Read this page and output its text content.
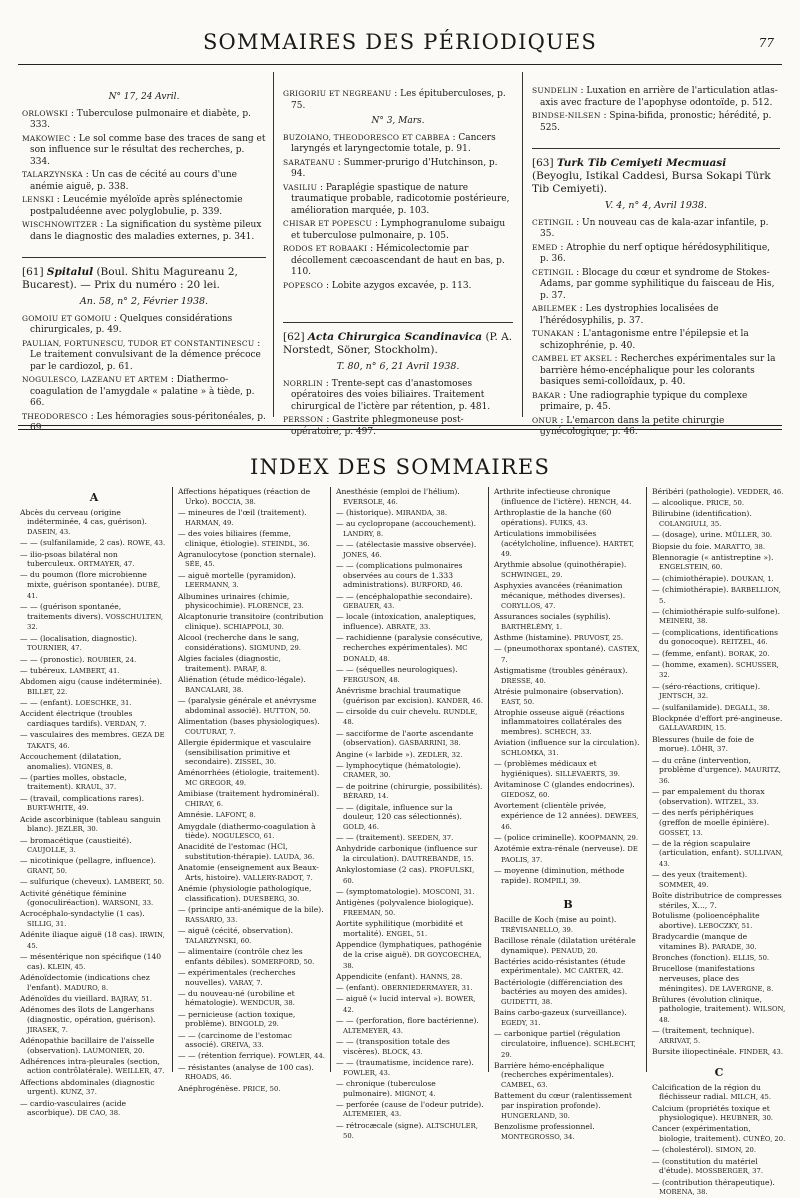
SOMMAIRES DES PÉRIODIQUES	77

N° 17, 24 Avril.

ORLOWSKI : Tuberculose pulmonaire et diabète, p. 333.

MAKOWIEC : Le sol comme base des traces de sang et son influence sur le résultat des recherches, p. 334.

TALARZYNSKA : Un cas de cécité au cours d'une anémie aiguë, p. 338.

LENSKI : Leucémie myéloïde après splénectomie postpaludéenne avec polyglobulie, p. 339.

WISCHNOWITZER : La signification du système pileux dans le diagnostic des maladies externes, p. 341.

[61] Spitalul (Boul. Shitu Magureanu 2, Bucarest). — Prix du numéro : 20 lei.

An. 58, n° 2, Février 1938.

GOMOIU ET GOMOIU : Quelques considérations chirurgicales, p. 49.

PAULIAN, FORTUNESCU, TUDOR ET CONSTANTINESCU : Le traitement convulsivant de la démence précoce par le cardiozol, p. 61.

NOGULESCO, LAZEANU ET ARTEM : Diathermo-coagulation de l'amygdale « palatine » à tiède, p. 66.

THEODORESCO : Les hémoragies sous-péritonéales, p. 69.

GRIGORIU ET NEGREANU : Les épituberculoses, p. 75.

N° 3, Mars.

BUZOIANO, THEODORESCO ET CABBEA : Cancers laryngés et laryngectomie totale, p. 91.

SARATEANU : Summer-prurigo d'Hutchinson, p. 94.

VASILIU : Paraplégie spastique de nature traumatique probable, radicotomie postérieure, amélioration marquée, p. 103.

CHISAR ET POPESCU : Lymphogranulome subaigu et tuberculose pulmonaire, p. 105.

RODOS ET ROBAAKI : Hémicolectomie par décollement cæcoascendant de haut en bas, p. 110.

POPESCO : Lobite azygos excavée, p. 113.

[62] Acta Chirurgica Scandinavica (P. A. Norstedt, Söner, Stockholm).

T. 80, n° 6, 21 Avril 1938.

NORRLIN : Trente-sept cas d'anastomoses opératoires des voies biliaires. Traitement chirurgical de l'ictère par rétention, p. 481.

PERSSON : Gastrite phlegmoneuse post-opératoire, p. 497.

SUNDELIN : Luxation en arrière de l'articulation atlas-axis avec fracture de l'apophyse odontoïde, p. 512.

BINDSE-NILSEN : Spina-bifida, pronostic; hérédité, p. 525.

[63] Turk Tib Cemiyeti Mecmuasi (Beyoglu, Istikal Caddesi, Bursa Sokapi Türk Tib Cemiyeti).

V. 4, n° 4, Avril 1938.

CETINGIL : Un nouveau cas de kala-azar infantile, p. 35.

EMED : Atrophie du nerf optique hérédosyphilitique, p. 36.

CETINGIL : Blocage du cœur et syndrome de Stokes-Adams, par gomme syphilitique du faisceau de His, p. 37.

ABILEMEK : Les dystrophies localisées de l'hérédosyphilis, p. 37.

TUNAKAN : L'antagonisme entre l'épilepsie et la schizophrénie, p. 40.

CAMBEL ET AKSEL : Recherches expérimentales sur la barrière hémo-encéphalique pour les colorants basiques semi-colloïdaux, p. 40.

BAKAR : Une radiographie typique du complexe primaire, p. 45.

ONUR : L'emarcon dans la petite chirurgie gynécologique, p. 46.

INDEX DES SOMMAIRES
A

Abcès du cerveau (origine indéterminée, 4 cas, guérison). DASEIN, 43.

— — (sulfanilamide, 2 cas). ROWE, 43.

— ilio-psoas bilatéral non tuberculeux. ORTMAYER, 47.

— du poumon (flore microbienne mixte, guérison spontanée). DUBÉ, 41.

— — (guérison spontanée, traitements divers). VOSSCHULTEN, 32.

— — (localisation, diagnostic). TOURNIER, 47.

— — (pronostic). ROUBIER, 24.

— tubéreux. LAMBERT, 41.

Abdomen aigu (cause indéterminée). BILLET, 22.

— — (enfant). LOESCHKE, 31.

Accident électrique (troubles cardiaques tardifs). VERDAN, 7.

— vasculaires des membres. GEZA DE TAKATS, 46.

Accouchement (dilatation, anomalies). VIGNES, 8.

— (parties molles, obstacle, traitement). KRAUL, 37.

— (travail, complications rares). BURT-WHITE, 49.

Acide ascorbinique (tableau sanguin blanc). JEZLER, 30.

— bromacétique (caustieité). CAUJOLLE, 3.

— nicotinique (pellagre, influence). GRANT, 50.

— sulfurique (cheveux). LAMBERT, 50.

Activité génétique féminine (gonoculiréaction). WARSONI, 33.

Acrocéphalo-syndactylie (1 cas). SILLIG, 31.

Adénite iliaque aiguë (18 cas). IRWIN, 45.

— mésentérique non spécifique (140 cas). KLEIN, 45.

Adénoïdectomie (indications chez l'enfant). MADURO, 8.

Adénoïdes du vieillard. BAJRAY, 51.

Adénomes des îlots de Langerhans (diagnostic, opération, guérison). JIRASEK, 7.

Adénopathie bacillaire de l'aisselle (observation). LAUMONIER, 20.

Adhérences intra-pleurales (section, action contrôlatérale). WEILLER, 47.

Affections abdominales (diagnostic urgent). KUNZ, 37.

— cardio-vasculaires (acide ascorbique). DE CAO, 38.

Affections hépatiques (réaction de Urko). BOCCIA, 38.

— mineures de l'œil (traitement). HARMAN, 49.

— des voies biliaires (femme, clinique, étiologie). STEINDL, 36.

Agranulocytose (ponction sternale). SÉE, 45.

— aiguë mortelle (pyramidon). LEERMANN, 3.

Albumines urinaires (chimie, physicochimie). FLORENCE, 23.

Alcaptonurie transitoire (contribution clinique). SCHIAPPOLI, 30.

Alcool (recherche dans le sang, considérations). SIGMUND, 29.

Algies faciales (diagnostic, traitement). PARAF, 8.

Aliénation (étude médico-légale). BANCALARI, 38.

— (paralysie générale et anévrysme abdominal associé). HUTTON, 50.

Alimentation (bases physiologiques). COUTURAT, 7.

Allergie épidermique et vasculaire (sensibilisation primitive et secondaire). ZISSEL, 30.

Aménorrhées (étiologie, traitement). MC GREGOR, 49.

Amibiase (traitement hydrominéral). CHIRAY, 6.

Amnésie. LAFONT, 8.

Amygdale (diathermo-coagulation à tiède). NOGULESCO, 61.

Anacidité de l'estomac (HCl, substitution-thérapie). LAUDA, 36.

Anatomie (enseignement aux Beaux-Arts, histoire). VALLERY-RADOT, 7.

Anémie (physiologie pathologique, classification). DUESBERG, 30.

— (principe anti-anémique de la bile). RASSARIO, 33.

— aiguë (cécité, observation). TALARZYNSKI, 60.

— alimentaire (contrôle chez les enfants débiles). SOMERFORD, 50.

— expérimentales (recherches nouvelles). VARAY, 7.

— du nouveau-né (urobiline et hématologie). WENDCUR, 38.

— pernicieuse (action toxique, problème). BINGOLD, 29.

— — (carcinome de l'estomac associé). GREIVA, 33.

— — (rétention ferrique). FOWLER, 44.

— résistantes (analyse de 100 cas). RHOADS, 46.

Anéphrogénèse. PRICE, 50.

Anesthésie (emploi de l'hélium). EVERSOLE, 46.

— (historique). MIRANDA, 38.

— au cyclopropane (accouchement). LANDRY, 8.

— — (atélectasie massive observée). JONES, 46.

— — (complications pulmonaires observées au cours de 1.333 administrations). BURFORD, 46.

— — (encéphalopathie secondaire). GEBAUER, 43.

— locale (intoxication, analeptiques, influence). ABRATE, 33.

— rachidienne (paralysie consécutive, recherches expérimentales). MC DONALD, 48.

— — (séquelles neurologiques). FERGUSON, 48.

Anévrisme brachial traumatique (guérison par excision). KANDER, 46.

— cirsoïde du cuir chevelu. RUNDLE, 48.

— sacciforme de l'aorte ascendante (observation). GASBARRINI, 38.

Angine (« larbide »). ZEDLER, 32.

— lymphocytique (hématologie). CRAMER, 30.

— de poitrine (chirurgie, possibilités). BÉRARD, 14.

— — (digitale, influence sur la douleur, 120 cas sélectionnés). GOLD, 46.

— — (traitement). SEEDEN, 37.

Anhydride carbonique (influence sur la circulation). DAUTREBANDE, 15.

Ankylostomiase (2 cas). PROFULSKI, 60.

— (symptomatologie). MOSCONI, 31.

Antigènes (polyvalence biologique). FREEMAN, 50.

Aortite syphilitique (morbidité et mortalité). ENGEL, 51.

Appendice (lymphatiques, pathogénie de la crise aiguë). DR GOYCOECHEA, 38.

Appendicite (enfant). HANNS, 28.

— (enfant). OBERNIEDERMAYER, 31.

— aiguë (« lucid interval »). BOWER, 42.

— — (perforation, flore bactérienne). ALTEMEYER, 43.

— — (transposition totale des viscères). BLOCK, 43.

— — (traumatisme, incidence rare). FOWLER, 43.

— chronique (tuberculose pulmonaire). MIGNOT, 4.

— perforée (cause de l'odeur putride). ALTEMEIER, 43.

— rétrocæcale (signe). ALTSCHULER, 50.

Arthrite infectieuse chronique (influence de l'ictère). HENCH, 44.

Arthroplastie de la hanche (60 opérations). FUIKS, 43.

Articulations immobilisées (acétylcholine, influence). HARTET, 49.

Arythmie absolue (quinothérapie). SCHWINGEL, 29.

Asphyxies avancées (réanimation mécanique, méthodes diverses). CORYLLOS, 47.

Assurances sociales (syphilis). BARTHÉLÉMY, 1.

Asthme (histamine). PRUVOST, 25.

— (pneumothorax spontané). CASTEX, 7.

Astigmatisme (troubles généraux). DRESSE, 40.

Atrésie pulmonaire (observation). EAST, 50.

Atrophie osseuse aiguë (réactions inflammatoires collatérales des membres). SCHECH, 33.

Aviation (influence sur la circulation). SCHLOMKA, 31.

— (problèmes médicaux et hygiéniques). SILLEVAERTS, 39.

Avitaminose C (glandes endocrines). GIEDOSZ, 60.

Avortement (clientèle privée, expérience de 12 années). DEWEES, 46.

— (police criminelle). KOOPMANN, 29.

Azotémie extra-rénale (nerveuse). DE PAOLIS, 37.

— moyenne (diminution, méthode rapide). ROMPILI, 39.

B

Bacille de Koch (mise au point). TRÉVISANELLO, 39.

Bacillose rénale (dilatation urétérale dynamique). PENAUD, 20.

Bactéries acido-résistantes (étude expérimentale). MC CARTER, 42.

Bactériologie (différenciation des bactéries au moyen des amides). GUIDETTI, 38.

Bains carbo-gazeux (surveillance). EGEDY, 31.

— carbonique partiel (régulation circulatoire, influence). SCHLECHT, 29.

Barrière hémo-encéphalique (recherches expérimentales). CAMBEL, 63.

Battement du cœur (ralentissement par inspiration profonde). HUNGERLAND, 30.

Benzolisme professionnel. MONTEGROSSO, 34.

Béribéri (pathologie). VEDDER, 46.

— alcoolique. PRICE, 50.

Bilirubine (identification). COLANGIULI, 35.

— (dosage), urine. MÜLLER, 30.

Biopsie du foie. MARATTO, 38.

Blennoragie (« antistreptine »). ENGELSTEIN, 60.

— (chimiothérapie). DOUKAN, 1.

— (chimiothérapie). BARBELLION, 5.

— (chimiothérapie sulfo-sulfone). MEINERI, 38.

— (complications, identifications du gonocoque). REITZEL, 46.

— (femme, enfant). BORAK, 20.

— (homme, examen). SCHUSSER, 32.

— (séro-réactions, critique). JENTSCH, 32.

— (sulfanilamide). DEGALL, 38.

Blockpnée d'effort pré-angineuse. GALLAVARDIN, 15.

Blessures (huile de foie de morue). LÖHR, 37.

— du crâne (intervention, problème d'urgence). MAURITZ, 36.

— par empalement du thorax (observation). WITZEL, 33.

— des nerfs périphériques (greffon de moelle épinière). GOSSET, 13.

— de la région scapulaire (articulation, enfant). SULLIVAN, 43.

— des yeux (traitement). SOMMER, 49.

Boîte distributrice de compresses stériles, X..., 7.

Botulisme (polioencéphalite abortive). LEBOCZKY, 51.

Bradycardie (manque de vitamines B). PARADE, 30.

Bronches (fonction). ELLIS, 50.

Brucellose (manifestations nerveuses, place des méningites). DE LAVERGNE, 8.

Brûlures (évolution clinique, pathologie, traitement). WILSON, 48.

— (traitement, technique). ARRIVAT, 5.

Bursite iliopectinéale. FINDER, 43.

C

Calcification de la région du fléchisseur radial. MILCH, 45.

Calcium (propriétés toxique et physiologique). HEUBNER, 30.

Cancer (expérimentation, biologie, traitement). CUNÉO, 20.

— (cholestérol). SIMON, 20.

— (constitution du matériel d'étude). MOSSBERGER, 37.

— (contribution thérapeutique). MORENA, 38.
